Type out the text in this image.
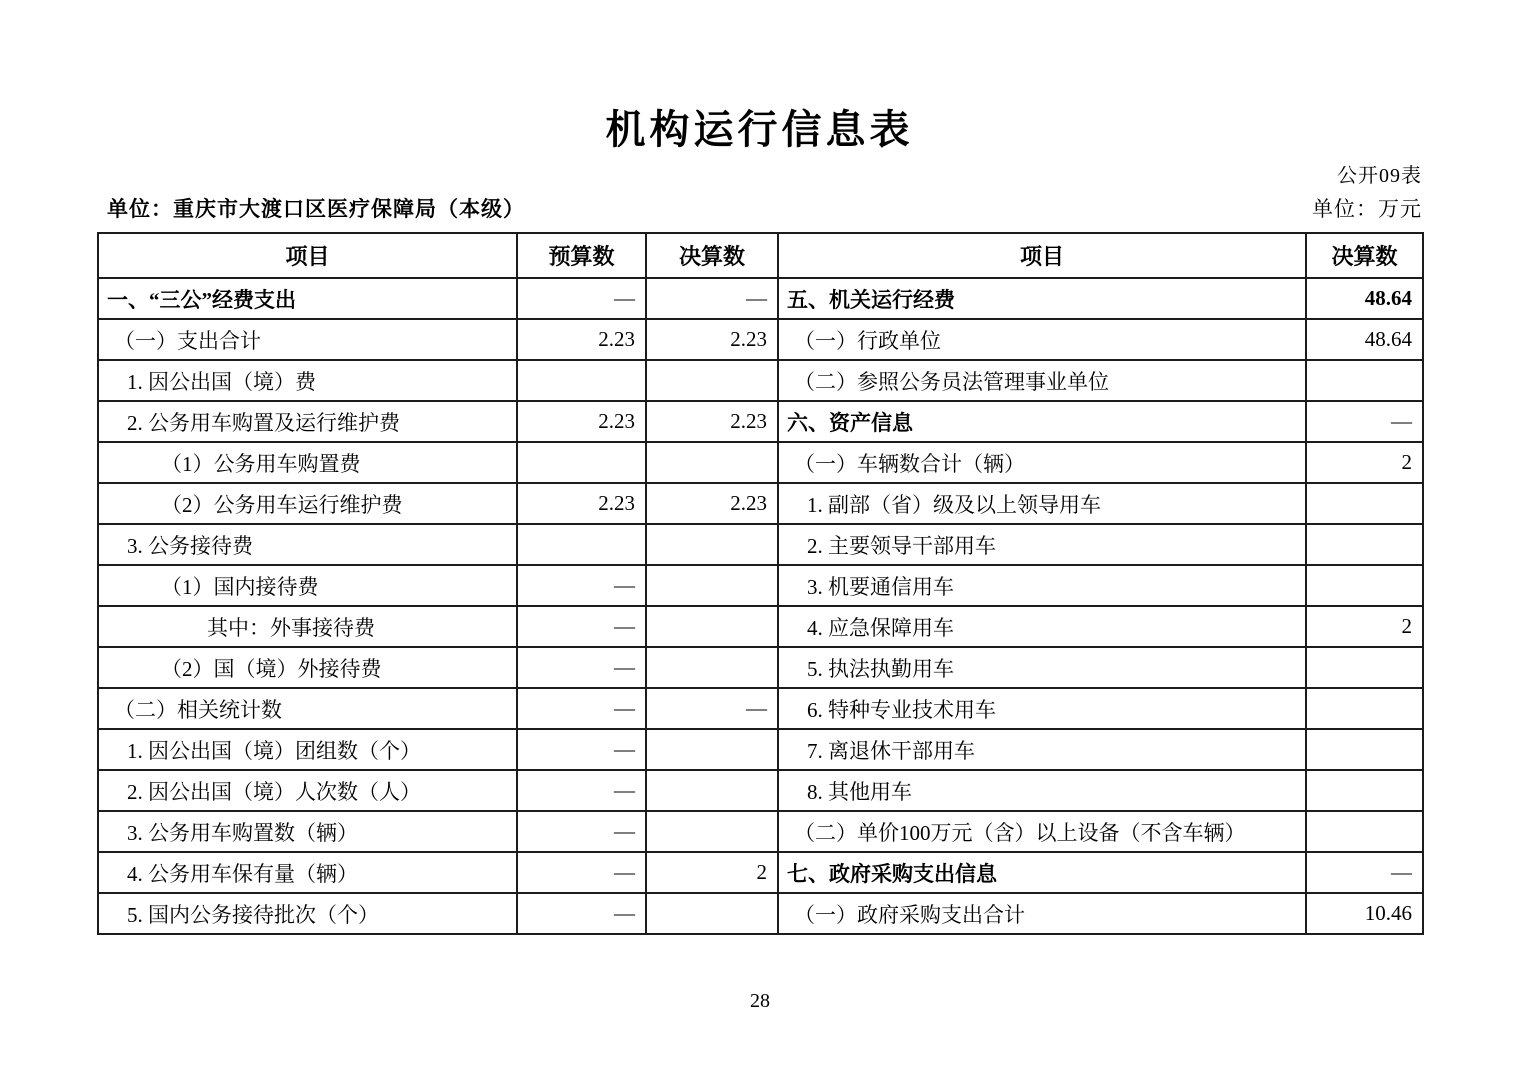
机构运行信息表
公开09表
单位：重庆市大渡口区医疗保障局（本级）	单位：万元
项目	预算数	决算数	项目	决算数
一、“三公”经费支出	—	—	五、机关运行经费	48.64
（一）支出合计	2.23	2.23	（一）行政单位	48.64
1. 因公出国（境）费			（二）参照公务员法管理事业单位	
2. 公务用车购置及运行维护费	2.23	2.23	六、资产信息	—
（1）公务用车购置费			（一）车辆数合计（辆）	2
（2）公务用车运行维护费	2.23	2.23	1. 副部（省）级及以上领导用车	
3. 公务接待费			2. 主要领导干部用车	
（1）国内接待费	—		3. 机要通信用车	
其中：外事接待费	—		4. 应急保障用车	2
（2）国（境）外接待费	—		5. 执法执勤用车	
（二）相关统计数	—	—	6. 特种专业技术用车	
1. 因公出国（境）团组数（个）	—		7. 离退休干部用车	
2. 因公出国（境）人次数（人）	—		8. 其他用车	
3. 公务用车购置数（辆）	—		（二）单价100万元（含）以上设备（不含车辆）	
4. 公务用车保有量（辆）	—	2	七、政府采购支出信息	—
5. 国内公务接待批次（个）	—		（一）政府采购支出合计	10.46
28
